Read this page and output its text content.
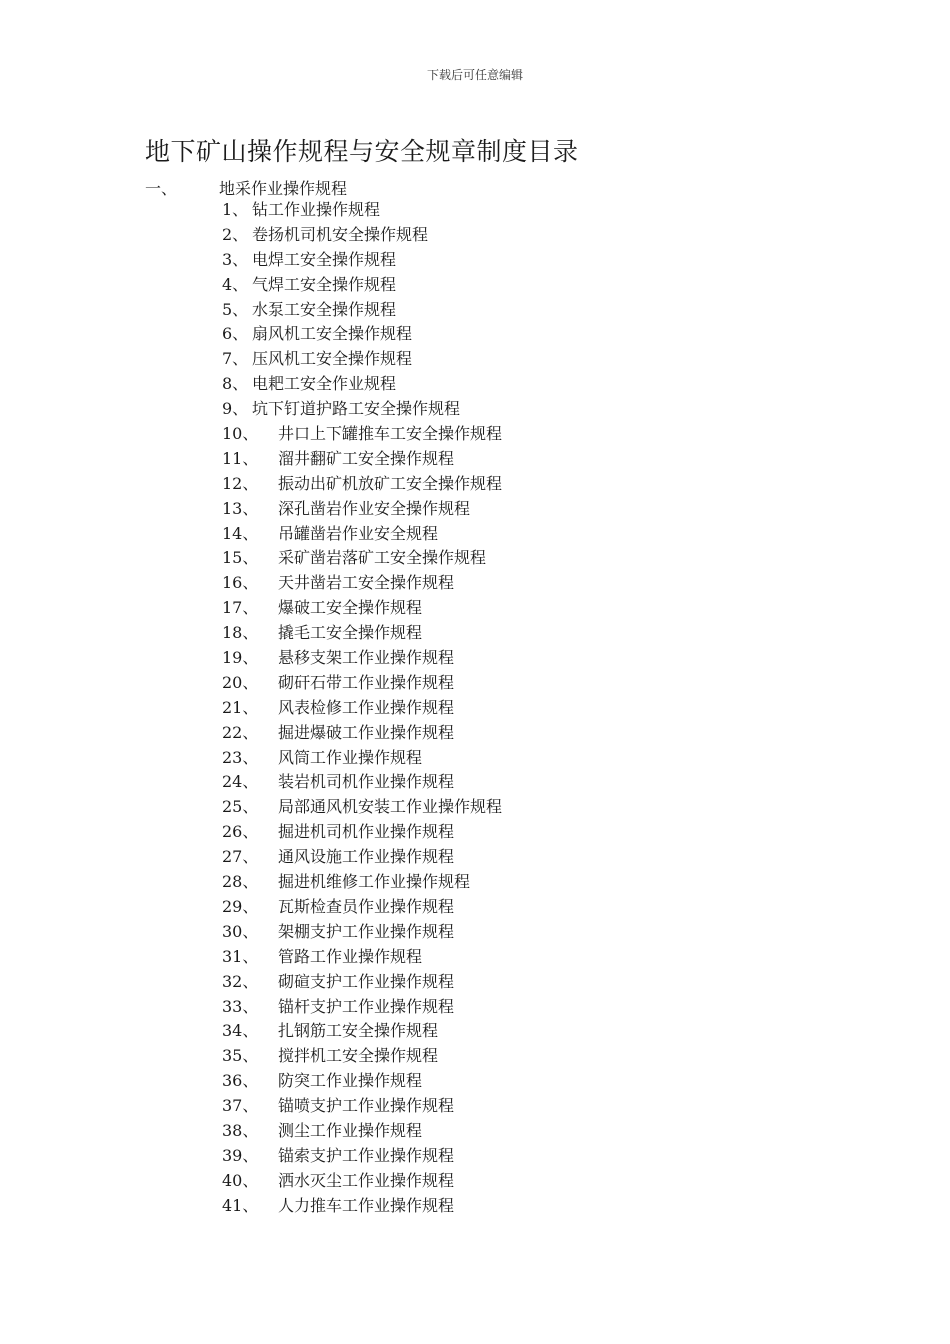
下载后可任意编辑
地下矿山操作规程与安全规章制度目录
一、	地采作业操作规程
1、 钻工作业操作规程
2、 卷扬机司机安全操作规程
3、 电焊工安全操作规程
4、 气焊工安全操作规程
5、 水泵工安全操作规程
6、 扇风机工安全操作规程
7、 压风机工安全操作规程
8、 电耙工安全作业规程
9、 坑下钉道护路工安全操作规程
10、 井口上下罐推车工安全操作规程
11、 溜井翻矿工安全操作规程
12、 振动出矿机放矿工安全操作规程
13、 深孔凿岩作业安全操作规程
14、 吊罐凿岩作业安全规程
15、 采矿凿岩落矿工安全操作规程
16、 天井凿岩工安全操作规程
17、 爆破工安全操作规程
18、 撬毛工安全操作规程
19、 悬移支架工作业操作规程
20、 砌矸石带工作业操作规程
21、 风表检修工作业操作规程
22、 掘进爆破工作业操作规程
23、 风筒工作业操作规程
24、 装岩机司机作业操作规程
25、 局部通风机安装工作业操作规程
26、 掘进机司机作业操作规程
27、 通风设施工作业操作规程
28、 掘进机维修工作业操作规程
29、 瓦斯检查员作业操作规程
30、 架棚支护工作业操作规程
31、 管路工作业操作规程
32、 砌碹支护工作业操作规程
33、 锚杆支护工作业操作规程
34、 扎钢筋工安全操作规程
35、 搅拌机工安全操作规程
36、 防突工作业操作规程
37、 锚喷支护工作业操作规程
38、 测尘工作业操作规程
39、 锚索支护工作业操作规程
40、 洒水灭尘工作业操作规程
41、 人力推车工作业操作规程
